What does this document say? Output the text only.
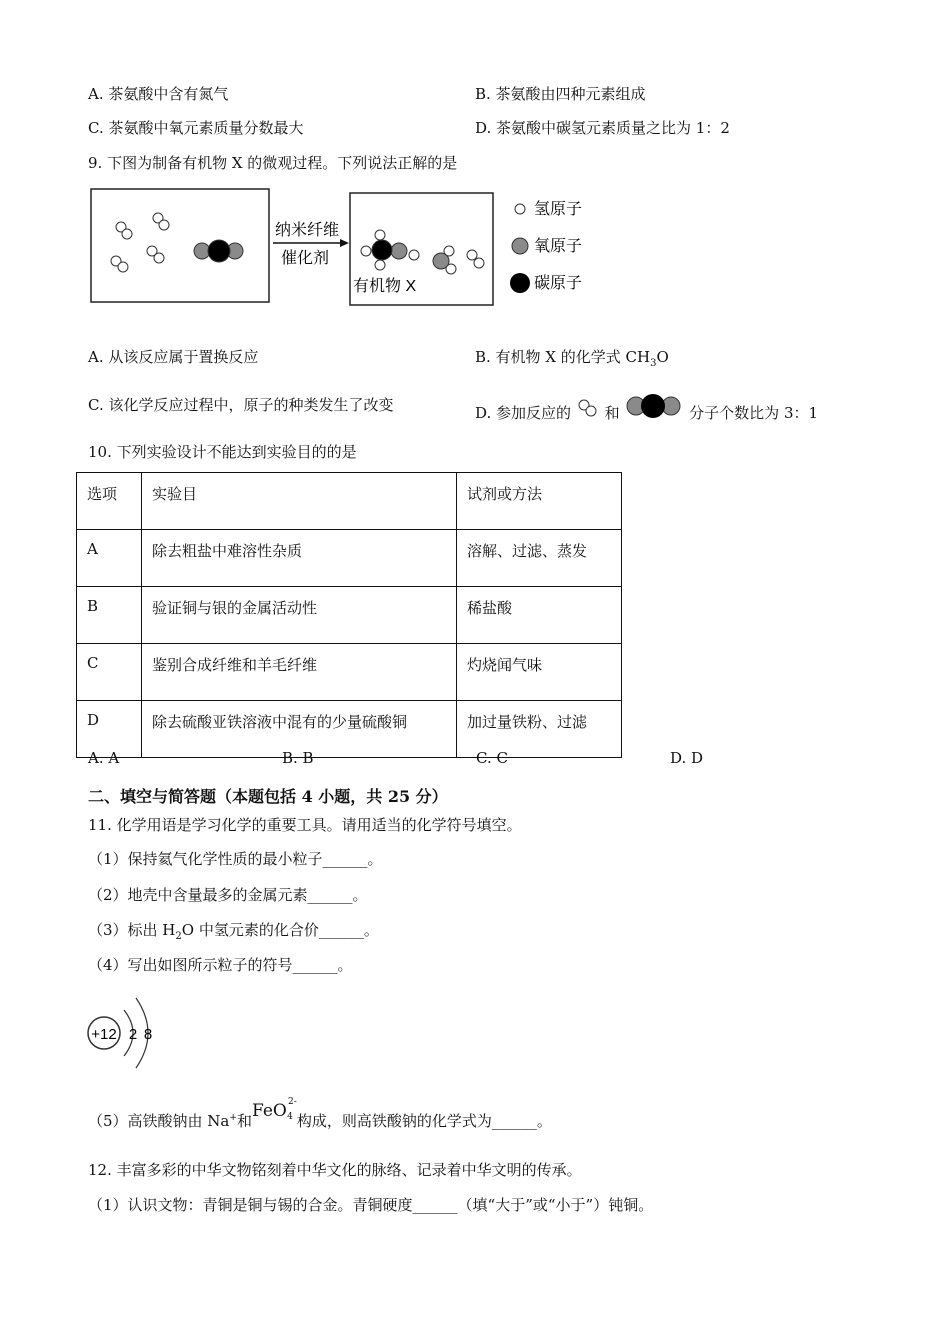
A. 茶氨酸中含有氮气	B. 茶氨酸由四种元素组成
C. 茶氨酸中氧元素质量分数最大	D. 茶氨酸中碳氢元素质量之比为 1：2
9. 下图为制备有机物 X 的微观过程。下列说法正解的是
纳米纤维
催化剂
有机物 X
氢原子
氧原子
碳原子
A. 从该反应属于置换反应	B. 有机物 X 的化学式 $CH_3O$
C. 该化学反应过程中，原子的种类发生了改变	D. 参加反应的 和	分子个数比为 3：1
10. 下列实验设计不能达到实验目的的是
选项	实验目	试剂或方法
A	除去粗盐中难溶性杂质	溶解、过滤、蒸发
B	验证铜与银的金属活动性	稀盐酸
C	鉴别合成纤维和羊毛纤维	灼烧闻气味
D	除去硫酸亚铁溶液中混有的少量硫酸铜	加过量铁粉、过滤
A. A	B. B	C. C	D. D
二、填空与简答题（本题包括 4 小题，共 25 分）
11. 化学用语是学习化学的重要工具。请用适当的化学符号填空。
（1）保持氦气化学性质的最小粒子______。
（2）地壳中含量最多的金属元素______。
（3）标出 $H_2O$ 中氢元素的化合价______。
（4）写出如图所示粒子的符号______。
+12 2 8
（5）高铁酸钠由 Na+和FeO 2-
4 构成，则高铁酸钠的化学式为______。
12. 丰富多彩的中华文物铭刻着中华文化的脉络、记录着中华文明的传承。
（1）认识文物：青铜是铜与锡的合金。青铜硬度______（填“大于”或“小于”）钝铜。
